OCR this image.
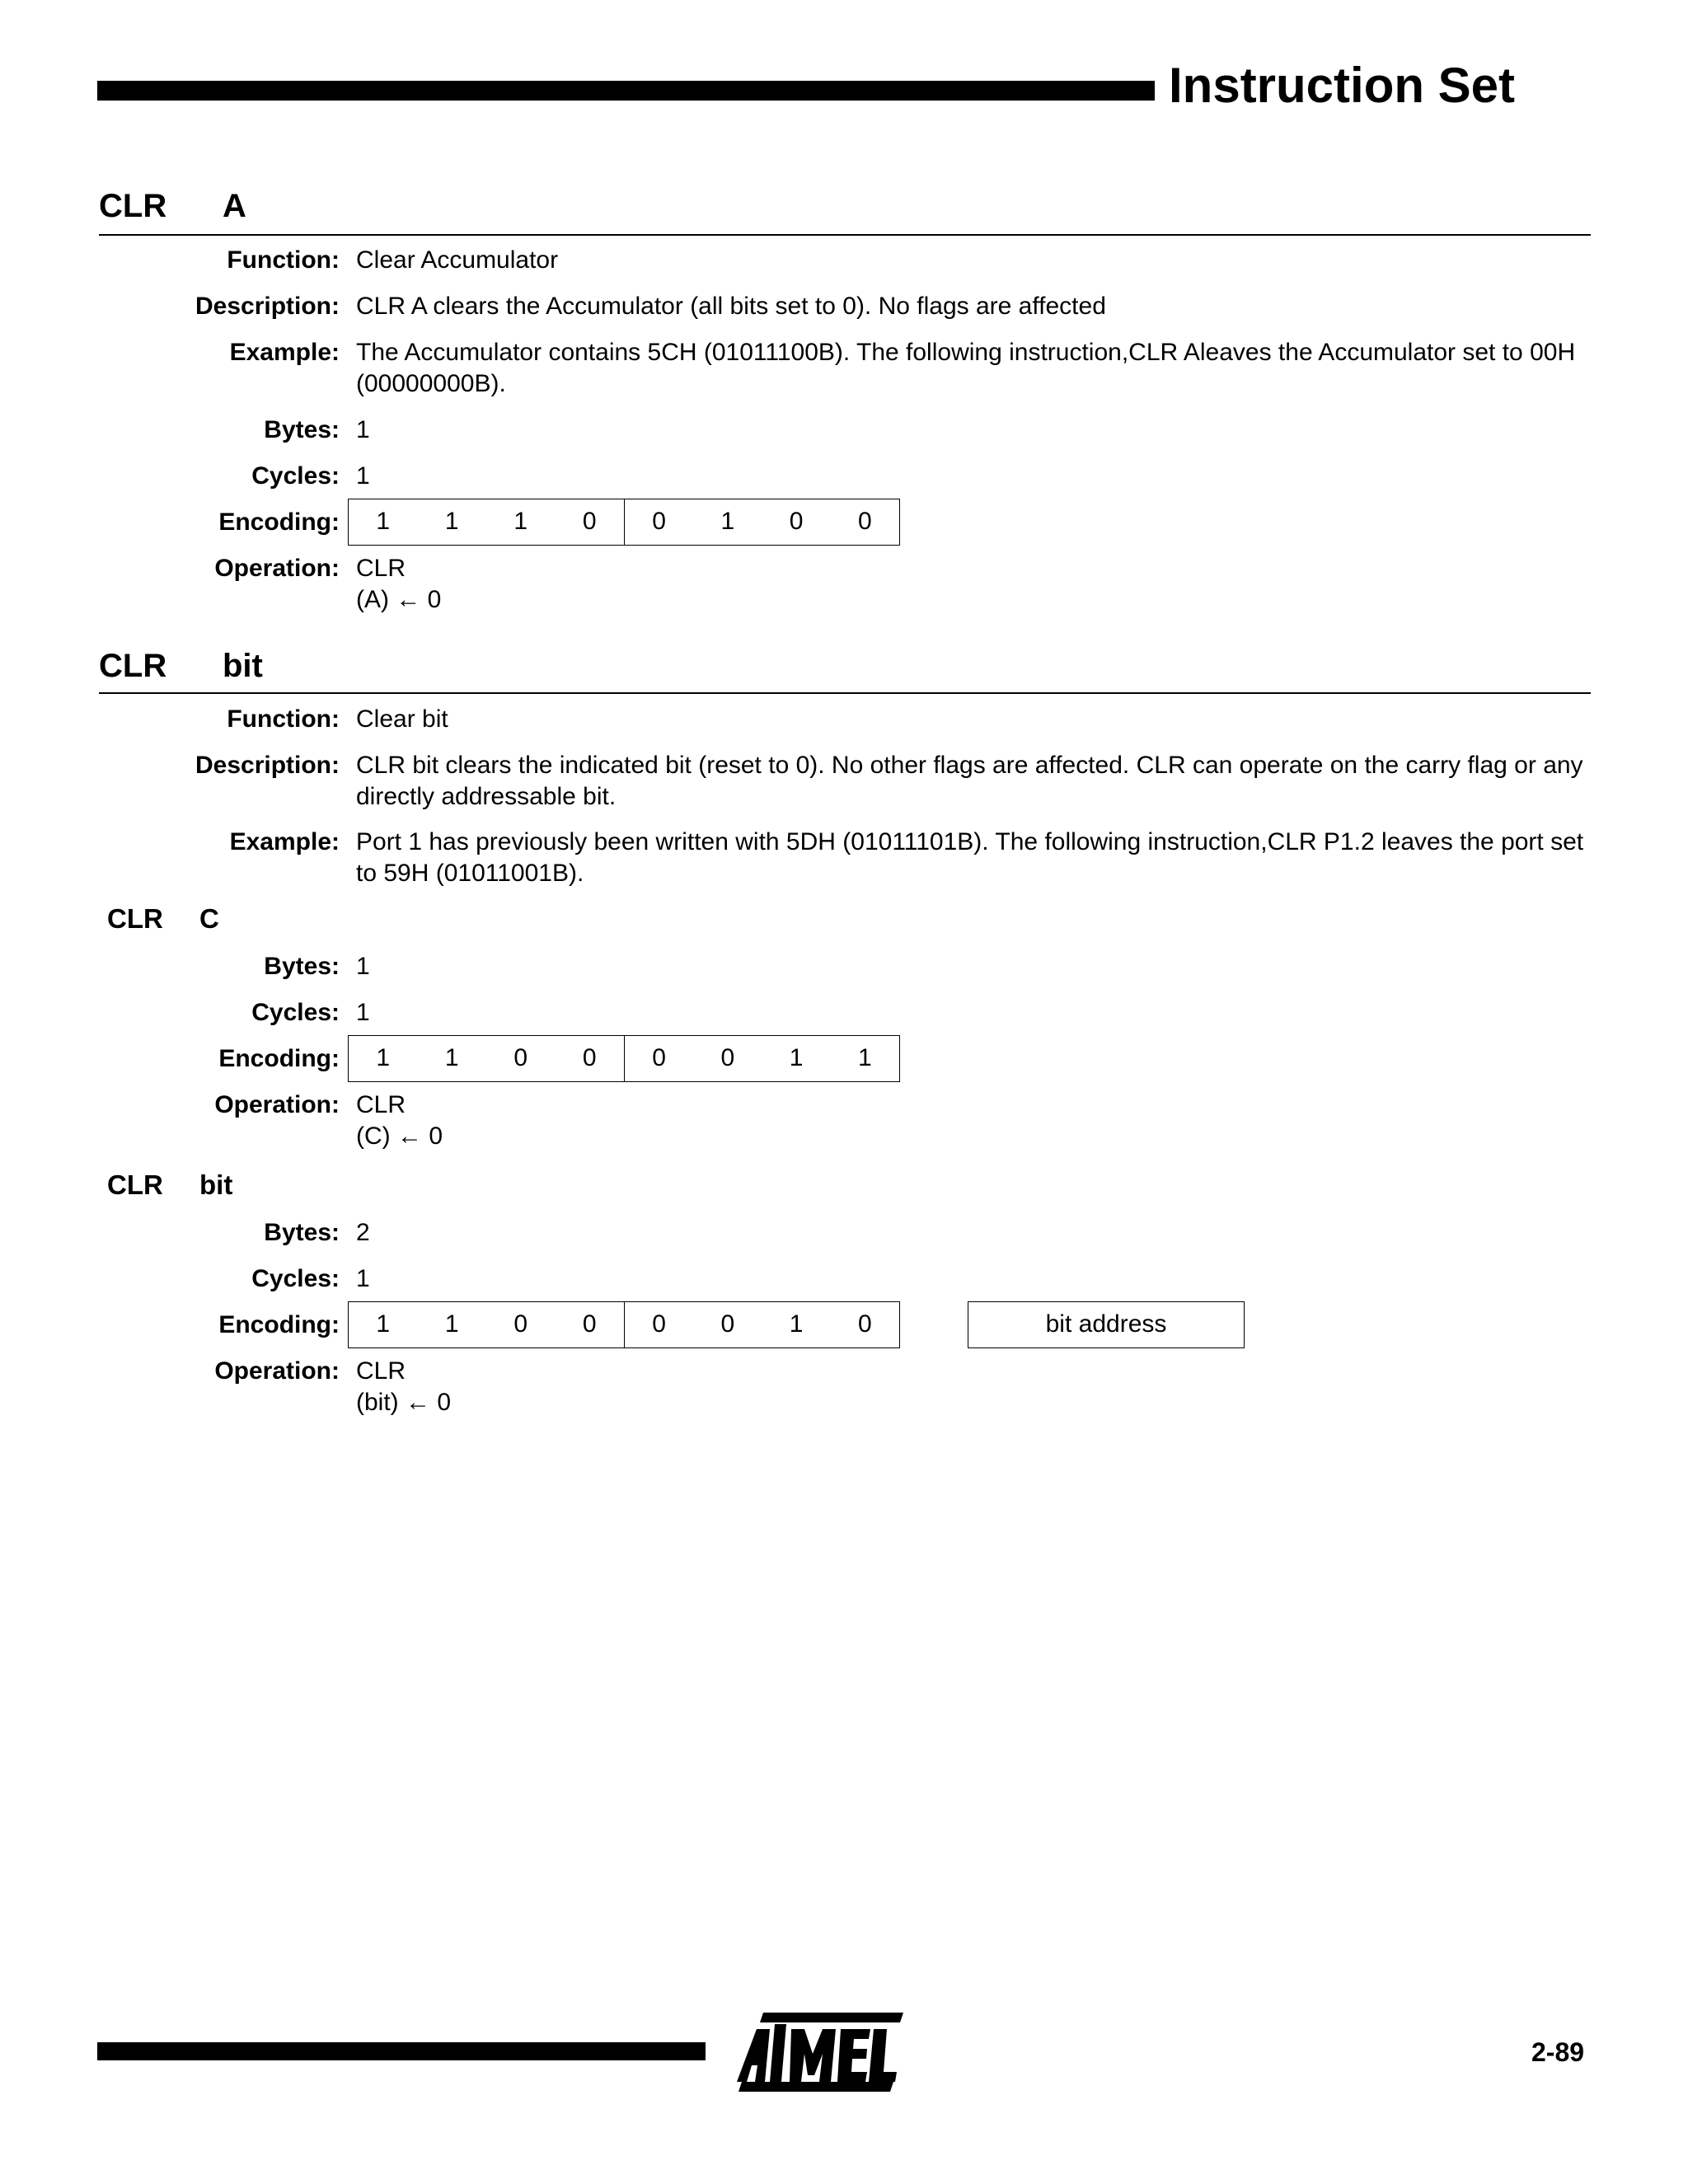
Instruction Set
CLR A
Function: Clear Accumulator
Description: CLR A clears the Accumulator (all bits set to 0). No flags are affected
Example: The Accumulator contains 5CH (01011100B). The following instruction,CLR Aleaves the Accumulator set to 00H
(00000000B).
Bytes: 1
Cycles: 1
Encoding:	1	1	1	0	0	1	0	0
Operation: CLR
(A) ← 0
CLR bit
Function: Clear bit
Description: CLR bit clears the indicated bit (reset to 0). No other flags are affected. CLR can operate on the carry flag or any
directly addressable bit.
Example: Port 1 has previously been written with 5DH (01011101B). The following instruction,CLR P1.2 leaves the port set
to 59H (01011001B).
CLR C
Bytes: 1
Cycles: 1
Encoding:	1	1	0	0	0	0	1	1
Operation: CLR
(C) ← 0
CLR bit
Bytes: 2
Cycles: 1
Encoding:	1	1	0	0	0	0	1	0	bit address
Operation: CLR
(bit) ← 0
2-89
